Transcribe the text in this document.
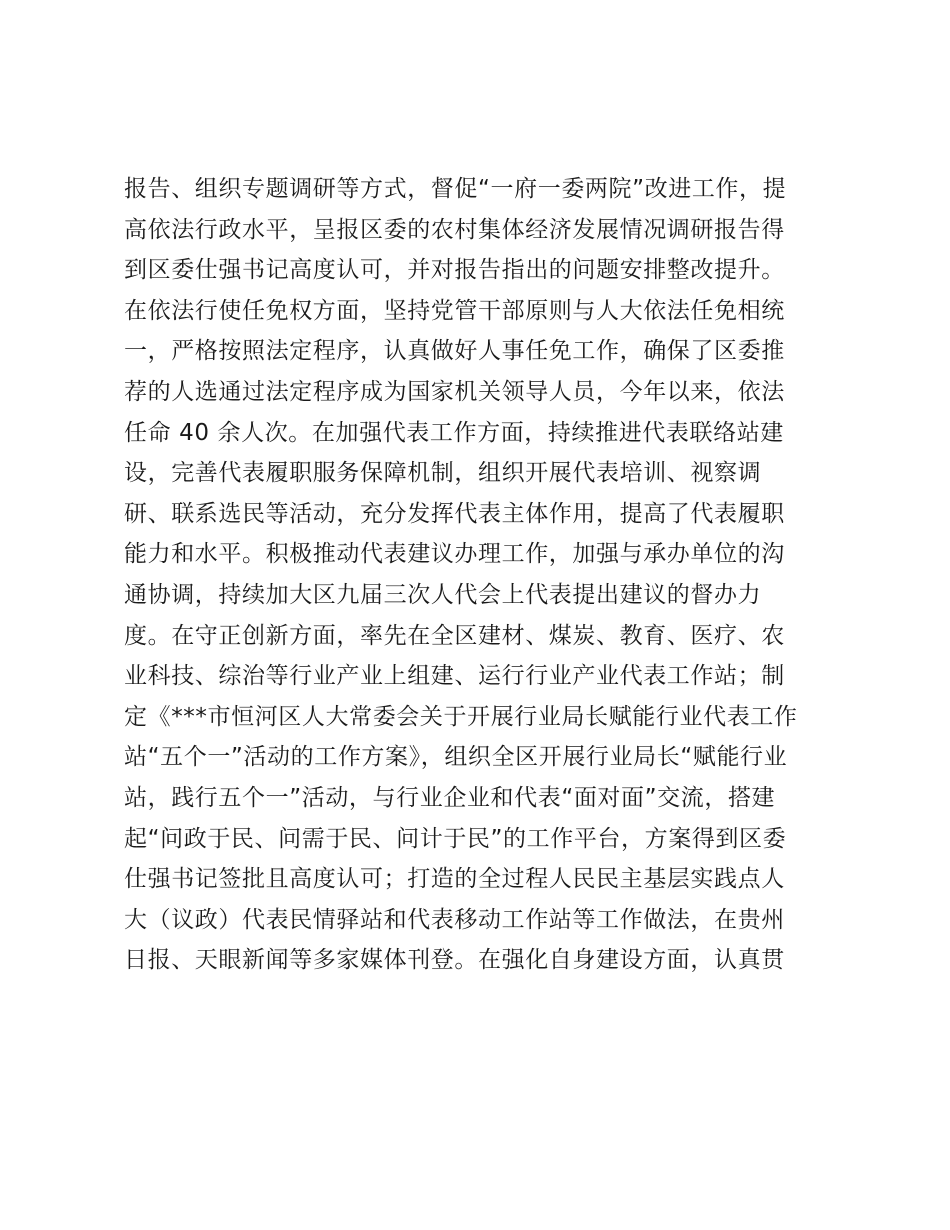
报告、组织专题调研等方式，督促“一府一委两院”改进工作，提
高依法行政水平，呈报区委的农村集体经济发展情况调研报告得
到区委仕强书记高度认可，并对报告指出的问题安排整改提升。
在依法行使任免权方面，坚持党管干部原则与人大依法任免相统
一，严格按照法定程序，认真做好人事任免工作，确保了区委推
荐的人选通过法定程序成为国家机关领导人员，今年以来，依法
任命 40 余人次。在加强代表工作方面，持续推进代表联络站建
设，完善代表履职服务保障机制，组织开展代表培训、视察调
研、联系选民等活动，充分发挥代表主体作用，提高了代表履职
能力和水平。积极推动代表建议办理工作，加强与承办单位的沟
通协调，持续加大区九届三次人代会上代表提出建议的督办力
度。在守正创新方面，率先在全区建材、煤炭、教育、医疗、农
业科技、综治等行业产业上组建、运行行业产业代表工作站；制
定《***市恒河区人大常委会关于开展行业局长赋能行业代表工作
站“五个一”活动的工作方案》，组织全区开展行业局长“赋能行业
站，践行五个一”活动，与行业企业和代表“面对面”交流，搭建
起“问政于民、问需于民、问计于民”的工作平台，方案得到区委
仕强书记签批且高度认可；打造的全过程人民民主基层实践点人
大（议政）代表民情驿站和代表移动工作站等工作做法，在贵州
日报、天眼新闻等多家媒体刊登。在强化自身建设方面，认真贯
